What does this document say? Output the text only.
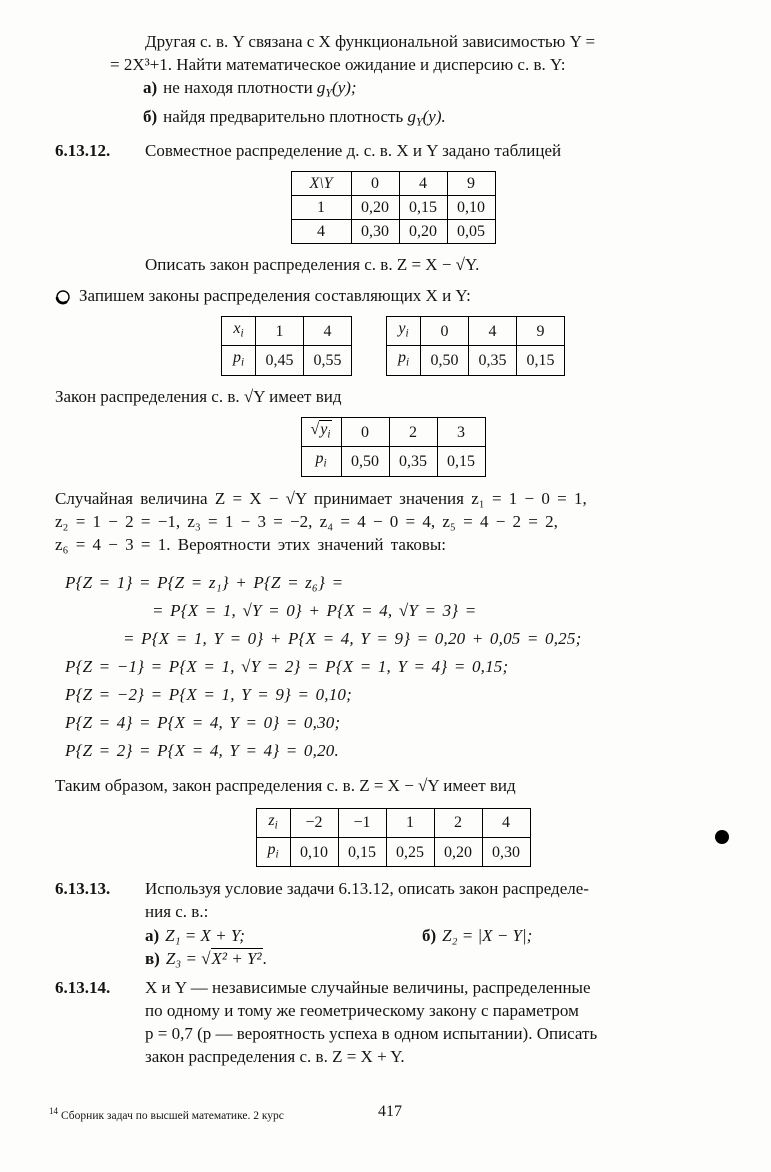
Другая с. в. Y связана с X функциональной зависимостью Y =
= 2X³+1. Найти математическое ожидание и дисперсию с. в. Y:
а) не находя плотности $g_Y(y)$;
б) найдя предварительно плотность $g_Y(y)$.
6.13.12. Совместное распределение д. с. в. X и Y задано таблицей
X\Y	0	4	9
1	0,20	0,15	0,10
4	0,30	0,20	0,05
Описать закон распределения с. в. Z = X − √Y.
Запишем законы распределения составляющих X и Y:
$x_i$	1	4
$p_i$	0,45	0,55
$y_i$	0	4	9
$p_i$	0,50	0,35	0,15
Закон распределения с. в. √Y имеет вид
$√y_i$	0	2	3
$p_i$	0,50	0,35	0,15
Случайная величина Z = X − √Y принимает значения z₁ = 1 − 0 = 1,
z₂ = 1 − 2 = −1, z₃ = 1 − 3 = −2, z₄ = 4 − 0 = 4, z₅ = 4 − 2 = 2,
z₆ = 4 − 3 = 1. Вероятности этих значений таковы:
P{Z = 1} = P{Z = z₁} + P{Z = z₆} =
= P{X = 1, √Y = 0} + P{X = 4, √Y = 3} =
= P{X = 1, Y = 0} + P{X = 4, Y = 9} = 0,20 + 0,05 = 0,25;
P{Z = −1} = P{X = 1, √Y = 2} = P{X = 1, Y = 4} = 0,15;
P{Z = −2} = P{X = 1, Y = 9} = 0,10;
P{Z = 4} = P{X = 4, Y = 0} = 0,30;
P{Z = 2} = P{X = 4, Y = 4} = 0,20.
Таким образом, закон распределения с. в. Z = X − √Y имеет вид
$z_i$	−2	−1	1	2	4
$p_i$	0,10	0,15	0,25	0,20	0,30
6.13.13. Используя условие задачи 6.13.12, описать закон распределе-
ния с. в.:
а) Z₁ = X + Y;	б) Z₂ = |X − Y|;
в) Z₃ = √X² + Y².
6.13.14. X и Y — независимые случайные величины, распределенные
по одному и тому же геометрическому закону с параметром
p = 0,7 (p — вероятность успеха в одном испытании). Описать
закон распределения с. в. Z = X + Y.
$^{14}$ Сборник задач по высшей математике. 2 курс	417
